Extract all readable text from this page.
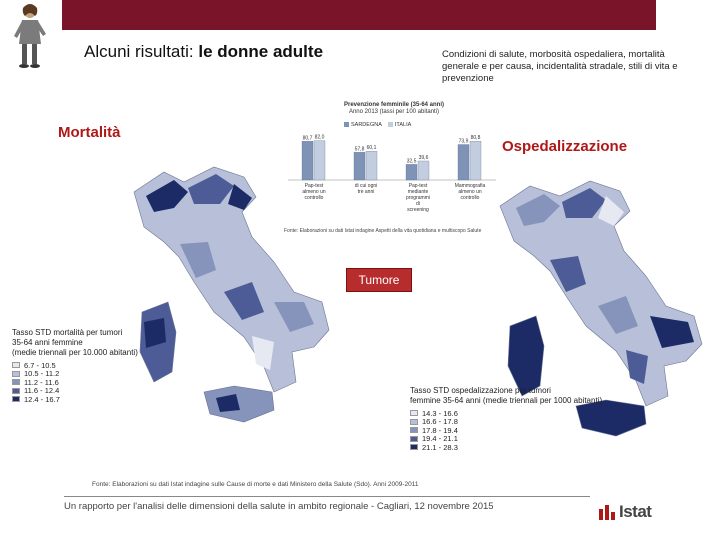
Alcuni risultati: le donne adulte	Condizioni di salute, morbosità ospedaliera, mortalità generale e per causa, incidentalità stradale, stili di vita e prevenzione
Mortalità
Ospedalizzazione
Prevenzione femminile (35-64 anni)
Anno 2013 (tassi per 100 abitanti)
SARDEGNA	ITALIA
80,7 82,0
Pap-test almeno un controllo
57,8 60,1
di cui ogni tre anni
32,5
39,6
Pap-test mediante programmi di screening
73,9
80,8
Mammografia almeno un controllo
Fonte: Elaborazioni su dati Istat indagine Aspetti della vita quotidiana e multiscopo Salute
Tumore
Tasso STD mortalità per tumori
35-64 anni femmine
(medie triennali per 10.000 abitanti)
6.7 - 10.5
10.5 - 11.2
11.2 - 11.6
11.6 - 12.4
12.4 - 16.7
Tasso STD ospedalizzazione per tumori
femmine 35-64 anni (medie triennali per 1000 abitanti)
14.3 - 16.6
16.6 - 17.8
17.8 - 19.4
19.4 - 21.1
21.1 - 28.3
Fonte: Elaborazioni su dati Istat indagine sulle Cause di morte e dati Ministero della Salute (Sdo). Anni 2009-2011
Un rapporto per l'analisi delle dimensioni della salute in ambito regionale - Cagliari, 12 novembre 2015	Istat
